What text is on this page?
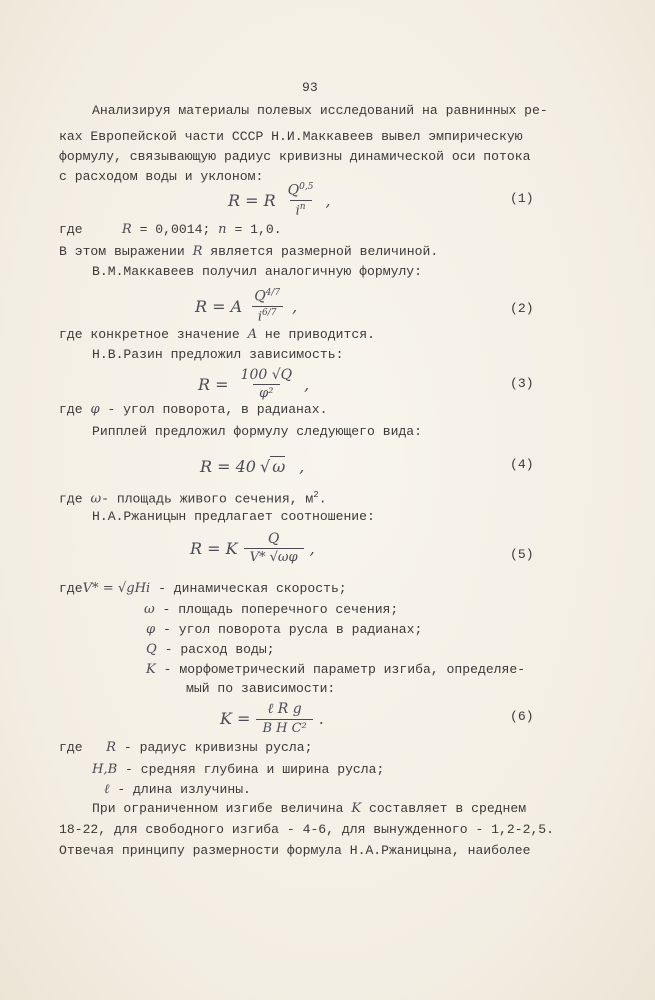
93
Анализируя материалы полевых исследований на равнинных ре-
ках Европейской части СССР Н.И.Маккавеев вывел эмпирическую
формулу, связывающую радиус кривизны динамической оси потока
с расходом воды и уклоном:
R = R $\frac{Q^{0,5}}{i^n}$ ,	(1)
где	R = 0,0014; n = 1,0.
В этом выражении R является размерной величиной.
В.М.Маккавеев получил аналогичную формулу:
R = A $\frac{Q^{4/7}}{i^{6/7}}$ ,	(2)
где конкретное значение A не приводится.
Н.В.Разин предложил зависимость:
$R = \frac{100 √Q}{\text{φ²}}$ ,	(3)
где φ - угол поворота, в радианах.
Рипплей предложил формулу следующего вида:
R = 40 √ ω ,	(4)
где ω- площадь живого сечения, $м^2$.
Н.А.Ржаницын предлагает соотношение:
R = K $\frac{Q}{V* √\omega\varphi}$ ,	(5)
гдеV* = √gHi - динамическая скорость;
ω - площадь поперечного сечения;
φ - угол поворота русла в радианах;
Q - расход воды;
K - морфометрический параметр изгиба, определяе-
мый по зависимости:
$K = \frac{\text{ℓ R g}}{\text{B H C²}}$ .	(6)
где R - радиус кривизны русла;
H,B - средняя глубина и ширина русла;
ℓ - длина излучины.
При ограниченном изгибе величина K составляет в среднем
18-22, для свободного изгиба - 4-6, для вынужденного - 1,2-2,5.
Отвечая принципу размерности формула Н.А.Ржаницына, наиболее
